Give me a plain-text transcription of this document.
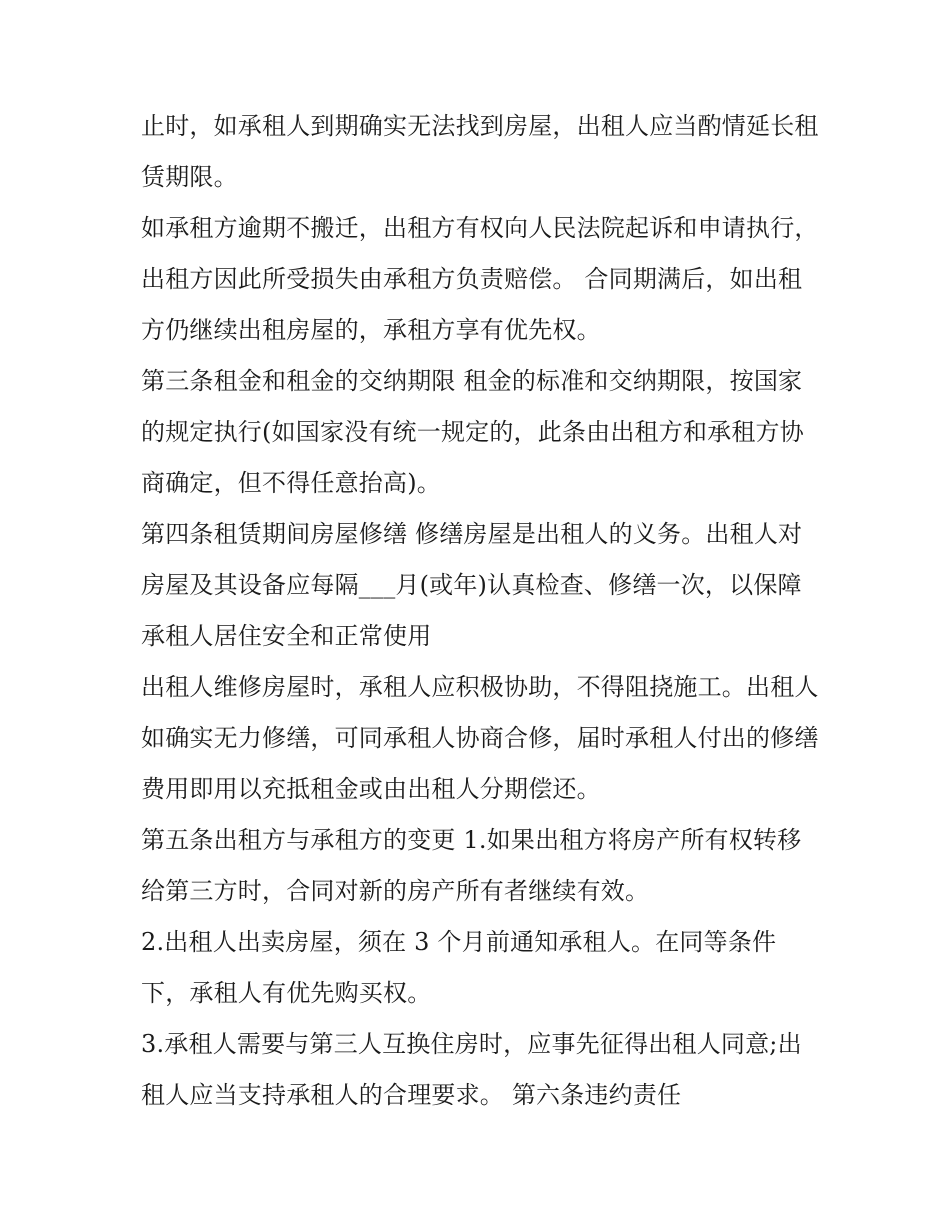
止时，如承租人到期确实无法找到房屋，出租人应当酌情延长租赁期限。

如承租方逾期不搬迁，出租方有权向人民法院起诉和申请执行，出租方因此所受损失由承租方负责赔偿。 合同期满后，如出租方仍继续出租房屋的，承租方享有优先权。

第三条租金和租金的交纳期限 租金的标准和交纳期限，按国家的规定执行(如国家没有统一规定的，此条由出租方和承租方协商确定，但不得任意抬高)。

第四条租赁期间房屋修缮 修缮房屋是出租人的义务。出租人对房屋及其设备应每隔___月(或年)认真检查、修缮一次，以保障承租人居住安全和正常使用

出租人维修房屋时，承租人应积极协助，不得阻挠施工。出租人如确实无力修缮，可同承租人协商合修，届时承租人付出的修缮费用即用以充抵租金或由出租人分期偿还。

第五条出租方与承租方的变更 1.如果出租方将房产所有权转移给第三方时，合同对新的房产所有者继续有效。

2.出租人出卖房屋，须在 3 个月前通知承租人。在同等条件下，承租人有优先购买权。

3.承租人需要与第三人互换住房时，应事先征得出租人同意;出租人应当支持承租人的合理要求。 第六条违约责任
